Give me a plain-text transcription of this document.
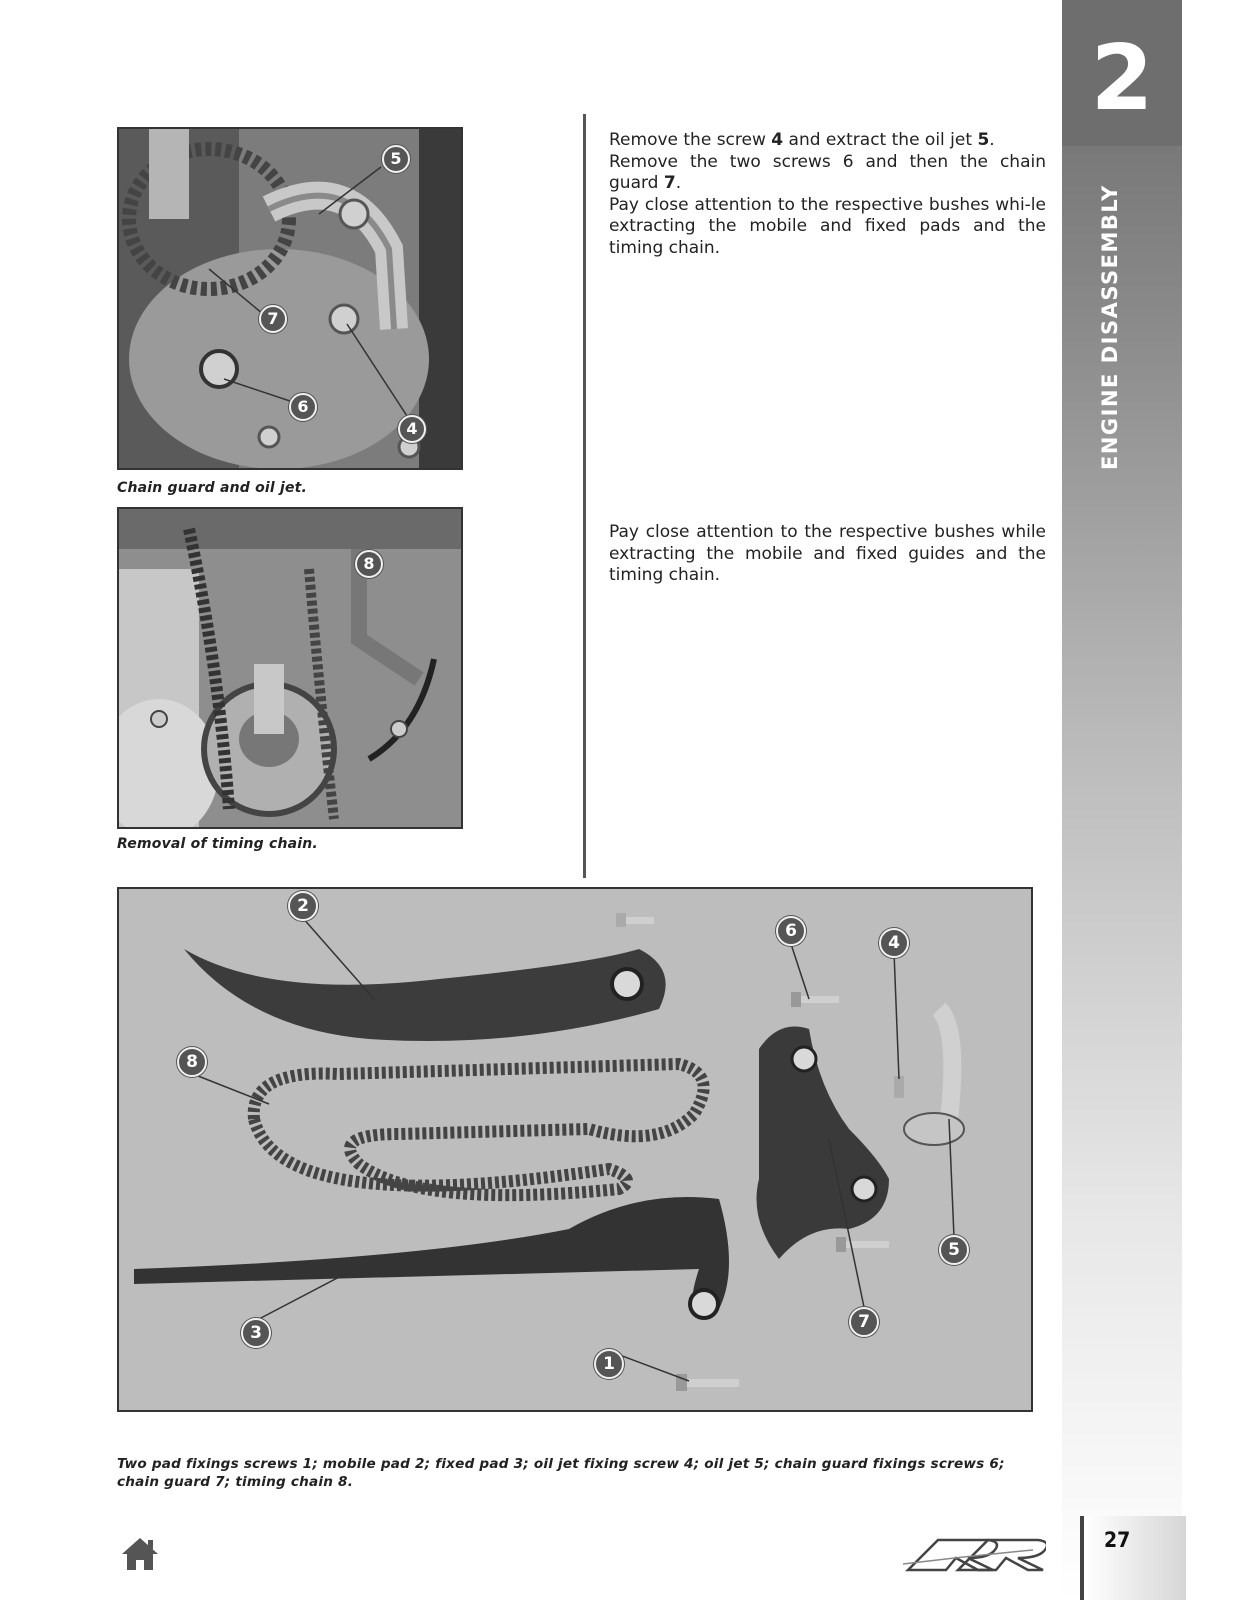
2
ENGINE DISASSEMBLY
5
7
6
4
Chain guard and oil jet.
8
Removal of timing chain.

Remove the screw 4 and extract the oil jet 5.

Remove the two screws 6 and then the chain guard 7.

Pay close attention to the respective bushes whi-le extracting the mobile and fixed pads and the timing chain.

Pay close attention to the respective bushes while extracting the mobile and fixed guides and the timing chain.
2
6
4
8
5
3
7
1
Two pad fixings screws 1; mobile pad 2; fixed pad 3; oil jet fixing screw 4; oil jet 5; chain guard fixings screws 6;
chain guard 7; timing chain 8.
RR
27
